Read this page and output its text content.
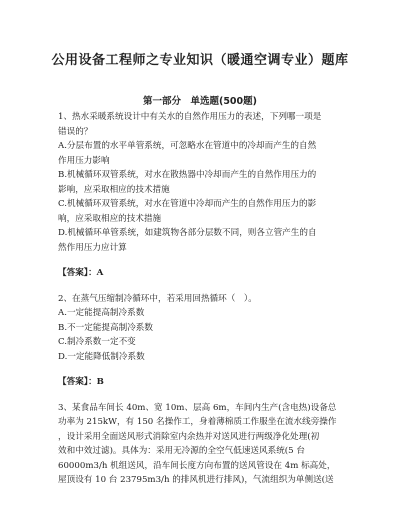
公用设备工程师之专业知识（暖通空调专业）题库
第一部分　单选题(500题)
1、热水采暖系统设计中有关水的自然作用压力的表述，下列哪一项是
错误的？
A.分层布置的水平单管系统，可忽略水在管道中的冷却而产生的自然
作用压力影响
B.机械循环双管系统，对水在散热器中冷却而产生的自然作用压力的
影响，应采取相应的技术措施
C.机械循环双管系统，对水在管道中冷却而产生的自然作用压力的影
响，应采取相应的技术措施
D.机械循环单管系统，如建筑物各部分层数不同，则各立管产生的自
然作用压力应计算
【答案】：A
2、在蒸气压缩制冷循环中，若采用回热循环（　）。
A.一定能提高制冷系数
B.不一定能提高制冷系数
C.制冷系数一定不变
D.一定能降低制冷系数
【答案】：B
3、某食品车间长 40m、宽 10m、层高 6m，车间内生产(含电热)设备总
功率为 215kW，有 150 名操作工，身着薄棉质工作服坐在流水线旁操作
，设计采用全面送风形式消除室内余热并对送风进行两级净化处理(初
效和中效过滤)。具体为：采用无冷源的全空气低速送风系统(5 台
60000m3/h 机组送风，沿车间长度方向布置的送风管设在 4m 标高处，
屋顶设有 10 台 23795m3/h 的排风机进行排风)，气流组织为单侧送(送
